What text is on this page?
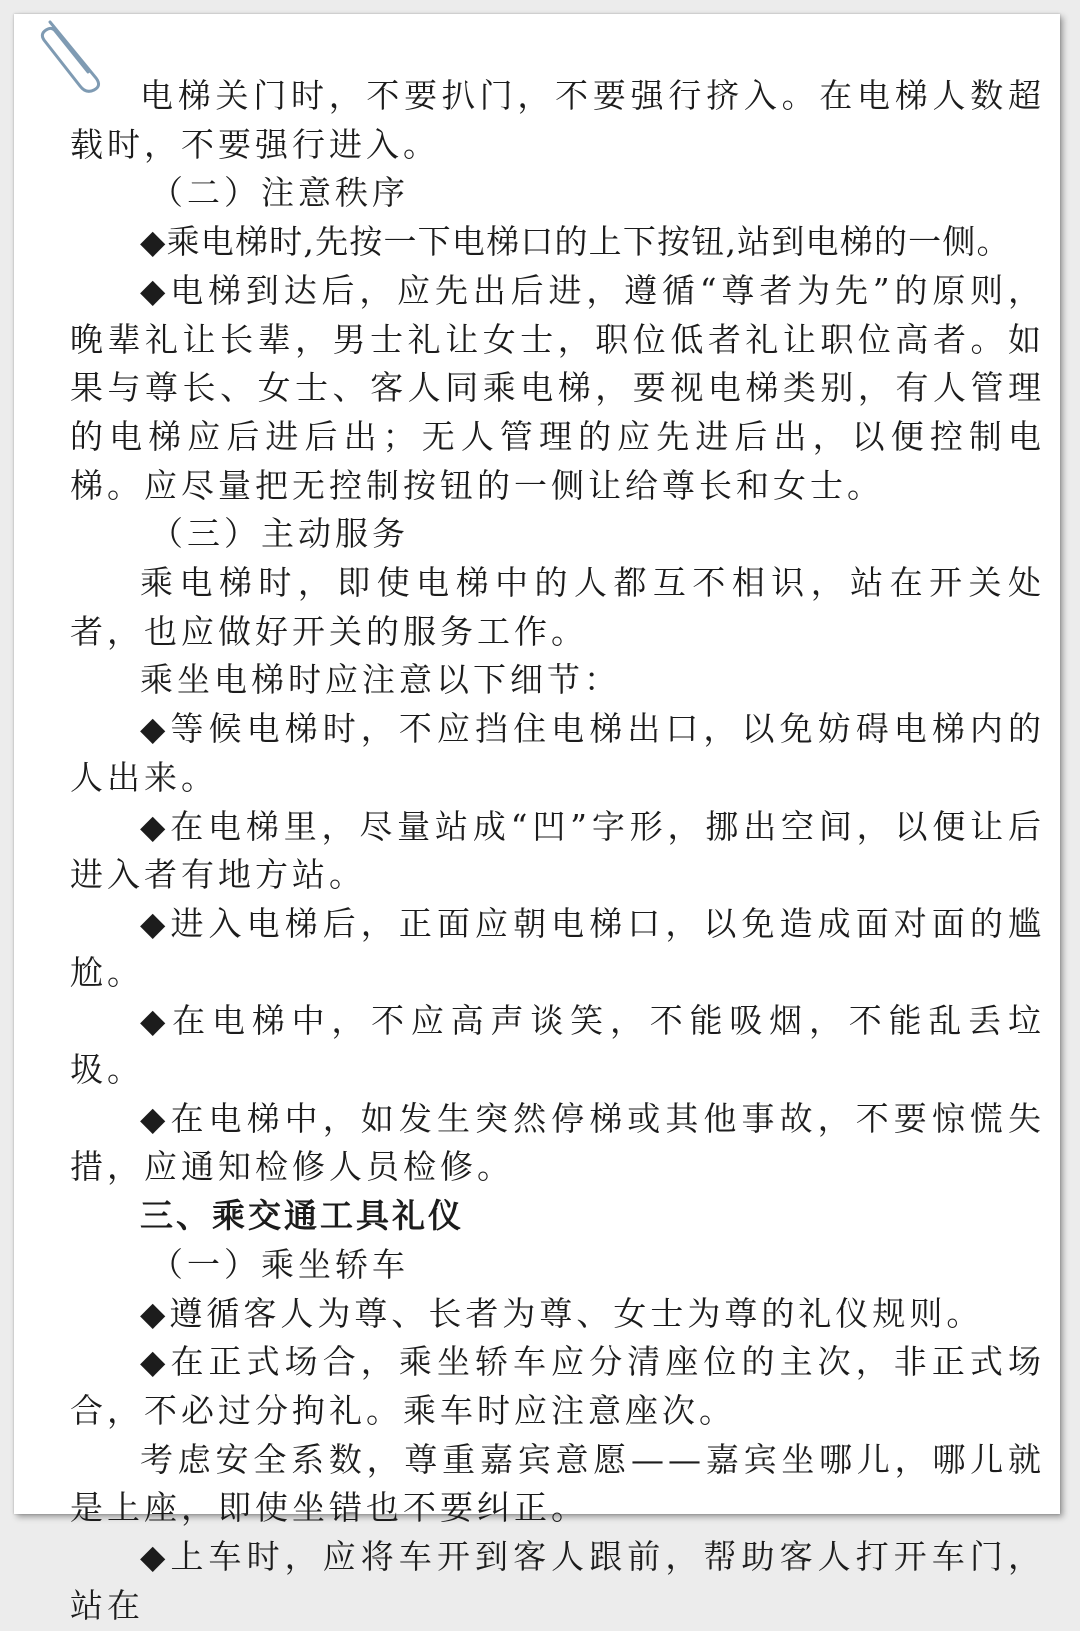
电梯关门时，不要扒门，不要强行挤入。在电梯人数超载时，不要强行进入。

（二）注意秩序

◆乘电梯时,先按一下电梯口的上下按钮,站到电梯的一侧。

◆电梯到达后，应先出后进，遵循“尊者为先”的原则，晚辈礼让长辈，男士礼让女士，职位低者礼让职位高者。如果与尊长、女士、客人同乘电梯，要视电梯类别，有人管理的电梯应后进后出；无人管理的应先进后出，以便控制电梯。应尽量把无控制按钮的一侧让给尊长和女士。

（三）主动服务

乘电梯时，即使电梯中的人都互不相识，站在开关处者，也应做好开关的服务工作。

乘坐电梯时应注意以下细节：

◆等候电梯时，不应挡住电梯出口，以免妨碍电梯内的人出来。

◆在电梯里，尽量站成“凹”字形，挪出空间，以便让后进入者有地方站。

◆进入电梯后，正面应朝电梯口，以免造成面对面的尴尬。

◆在电梯中，不应高声谈笑，不能吸烟，不能乱丢垃圾。

◆在电梯中，如发生突然停梯或其他事故，不要惊慌失措，应通知检修人员检修。

三、乘交通工具礼仪

（一）乘坐轿车

◆遵循客人为尊、长者为尊、女士为尊的礼仪规则。

◆在正式场合，乘坐轿车应分清座位的主次，非正式场合，不必过分拘礼。乘车时应注意座次。

考虑安全系数，尊重嘉宾意愿——嘉宾坐哪儿，哪儿就是上座，即使坐错也不要纠正。

◆上车时，应将车开到客人跟前，帮助客人打开车门，站在
